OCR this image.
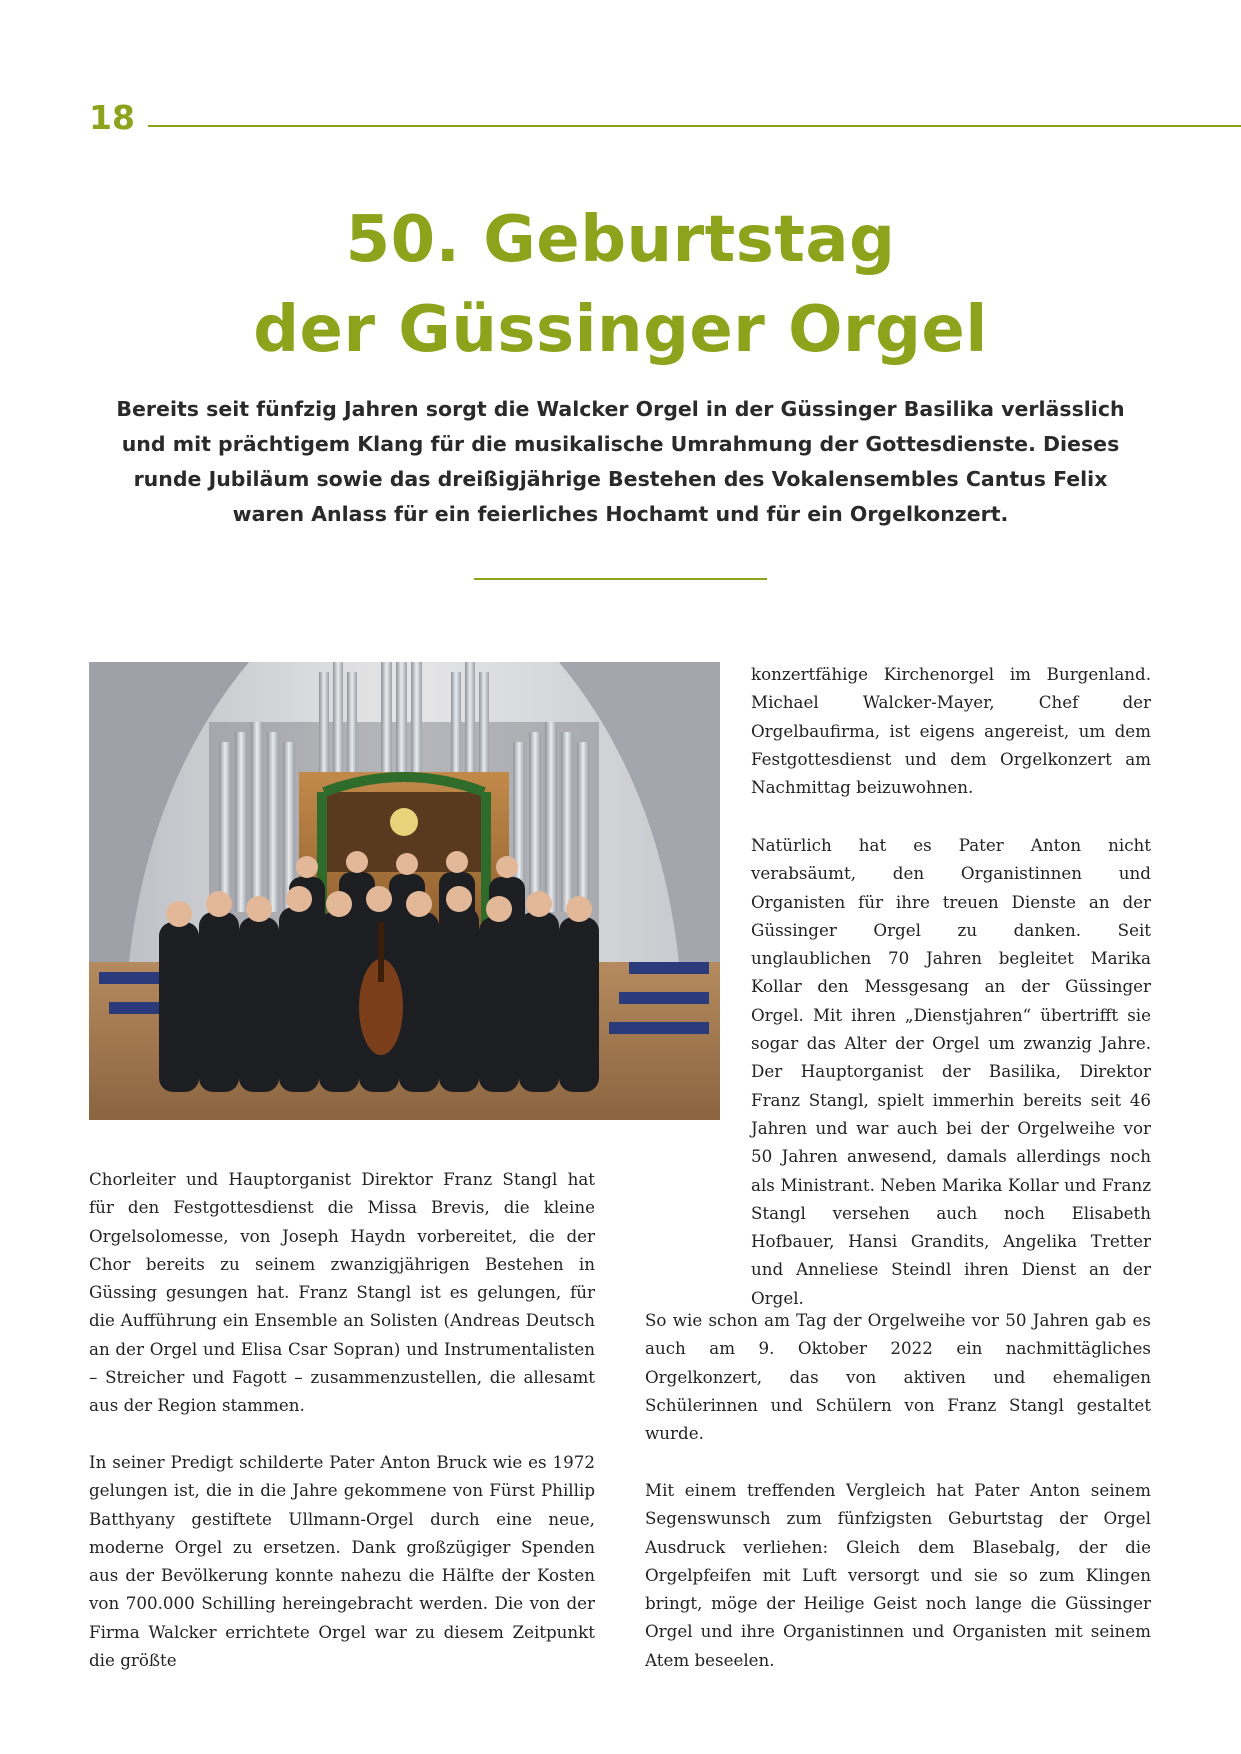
18
50. Geburtstag
der Güssinger Orgel

Bereits seit fünfzig Jahren sorgt die Walcker Orgel in der Güssinger Basilika verlässlich und mit prächtigem Klang für die musikalische Umrahmung der Gottesdienste. Dieses runde Jubiläum sowie das dreißigjährige Bestehen des Vokalensembles Cantus Felix waren Anlass für ein feierliches Hochamt und für ein Orgelkonzert.

konzertfähige Kirchenorgel im Burgenland. Michael Walcker-Mayer, Chef der Orgelbaufirma, ist eigens angereist, um dem Festgottesdienst und dem Orgelkonzert am Nachmittag beizuwohnen.

Natürlich hat es Pater Anton nicht verabsäumt, den Organistinnen und Organisten für ihre treuen Dienste an der Güssinger Orgel zu danken. Seit unglaublichen 70 Jahren begleitet Marika Kollar den Messgesang an der Güssinger Orgel. Mit ihren „Dienstjahren“ übertrifft sie sogar das Alter der Orgel um zwanzig Jahre. Der Hauptorganist der Basilika, Direktor Franz Stangl, spielt immerhin bereits seit 46 Jahren und war auch bei der Orgelweihe vor 50 Jahren anwesend, damals allerdings noch als Ministrant. Neben Marika Kollar und Franz Stangl versehen auch noch Elisabeth Hofbauer, Hansi Grandits, Angelika Tretter und Anneliese Steindl ihren Dienst an der Orgel.

Chorleiter und Hauptorganist Direktor Franz Stangl hat für den Festgottesdienst die Missa Brevis, die kleine Orgelsolomesse, von Joseph Haydn vorbereitet, die der Chor bereits zu seinem zwanzigjährigen Bestehen in Güssing gesungen hat. Franz Stangl ist es gelungen, für die Aufführung ein Ensemble an Solisten (Andreas Deutsch an der Orgel und Elisa Csar Sopran) und Instrumentalisten – Streicher und Fagott – zusammenzustellen, die allesamt aus der Region stammen.

In seiner Predigt schilderte Pater Anton Bruck wie es 1972 gelungen ist, die in die Jahre gekommene von Fürst Phillip Batthyany gestiftete Ullmann-Orgel durch eine neue, moderne Orgel zu ersetzen. Dank großzügiger Spenden aus der Bevölkerung konnte nahezu die Hälfte der Kosten von 700.000 Schilling hereingebracht werden. Die von der Firma Walcker errichtete Orgel war zu diesem Zeitpunkt die größte

So wie schon am Tag der Orgelweihe vor 50 Jahren gab es auch am 9. Oktober 2022 ein nachmittägliches Orgelkonzert, das von aktiven und ehemaligen Schülerinnen und Schülern von Franz Stangl gestaltet wurde.

Mit einem treffenden Vergleich hat Pater Anton seinem Segenswunsch zum fünfzigsten Geburtstag der Orgel Ausdruck verliehen: Gleich dem Blasebalg, der die Orgelpfeifen mit Luft versorgt und sie so zum Klingen bringt, möge der Heilige Geist noch lange die Güssinger Orgel und ihre Organistinnen und Organisten mit seinem Atem beseelen.
